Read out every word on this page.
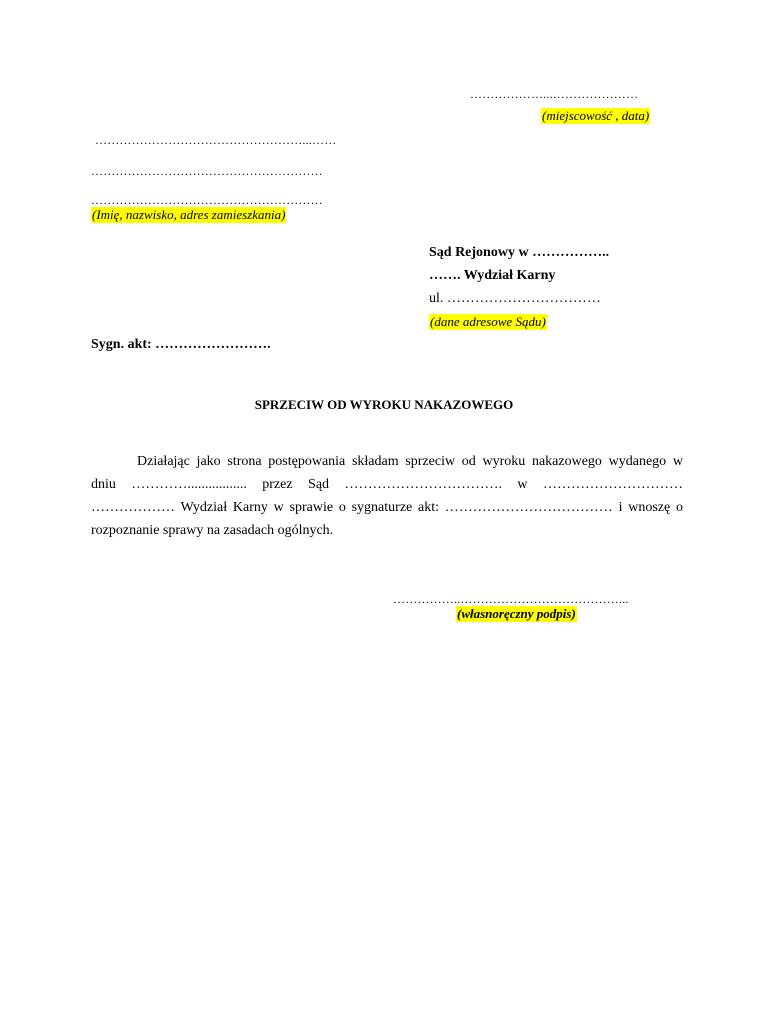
………………...…………………
(miejscowość , data)
……………………………………………...……
…………………………………………………
…………………………………………………
(Imię, nazwisko, adres zamieszkania)
Sąd Rejonowy w ……………..
……. Wydział Karny
ul. ……………………………
(dane adresowe Sądu)
Sygn. akt: …………………….
SPRZECIW OD WYROKU NAKAZOWEGO
Działając jako strona postępowania składam sprzeciw od wyroku nakazowego wydanego w
dniu …………................. przez Sąd ……………………………. w …………………………
……………… Wydział Karny w sprawie o sygnaturze akt: ……………………………… i wnoszę o
rozpoznanie sprawy na zasadach ogólnych.
……………..…………………………………...
(własnoręczny podpis)
